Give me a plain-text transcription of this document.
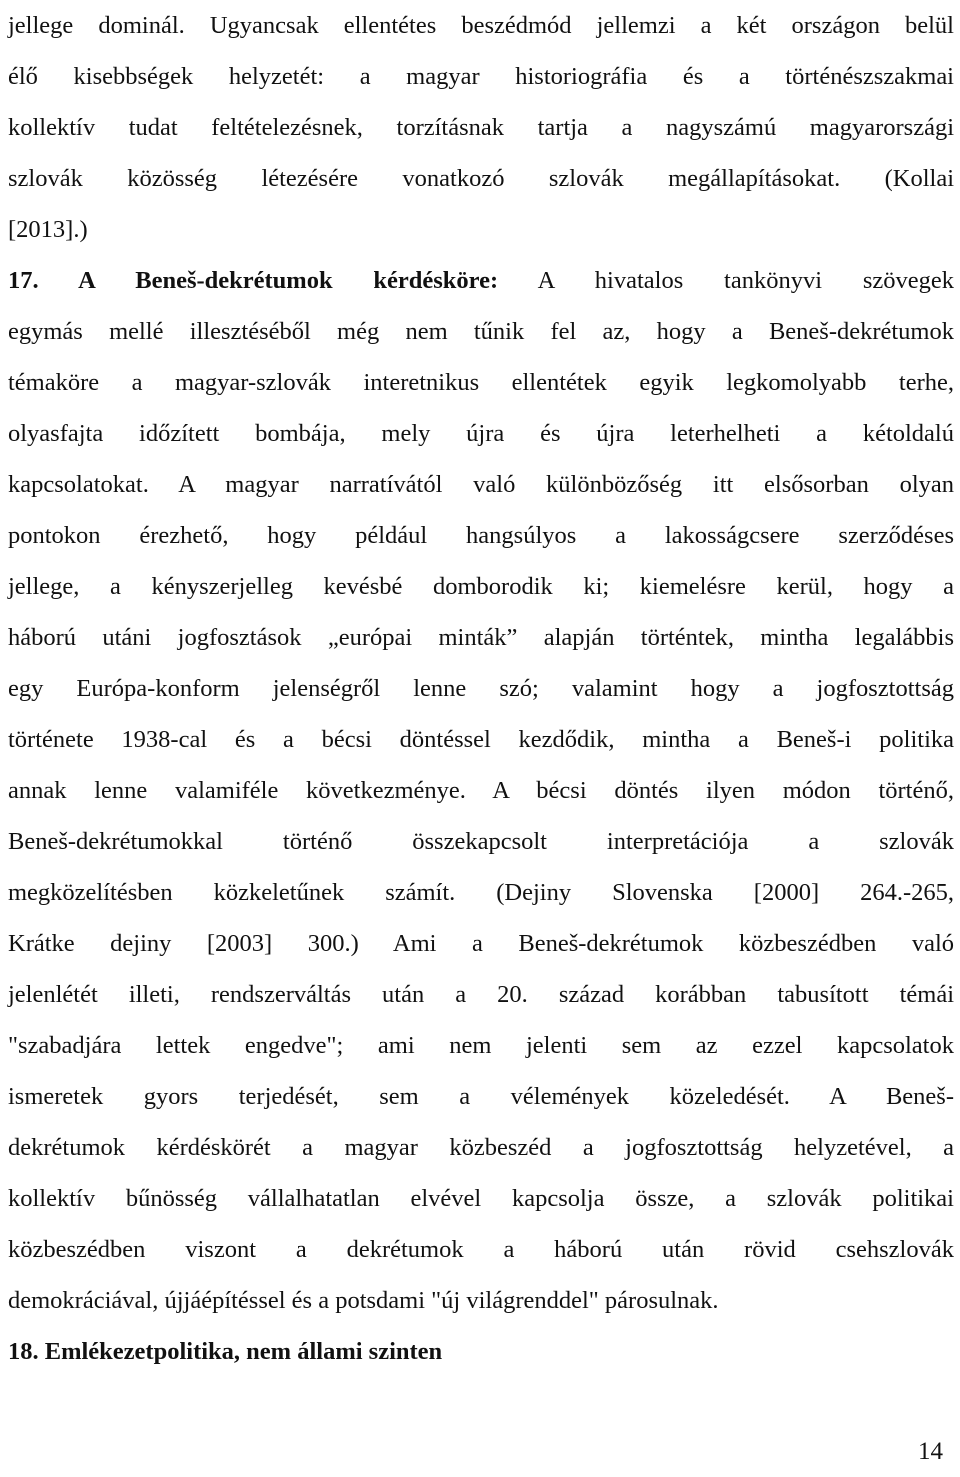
jellege dominál. Ugyancsak ellentétes beszédmód jellemzi a két országon belül
élő kisebbségek helyzetét: a magyar historiográfia és a történészszakmai
kollektív tudat feltételezésnek, torzításnak tartja a nagyszámú magyarországi
szlovák közösség létezésére vonatkozó szlovák megállapításokat. (Kollai
[2013].)
17. A Beneš-dekrétumok kérdésköre: A hivatalos tankönyvi szövegek
egymás mellé illesztéséből még nem tűnik fel az, hogy a Beneš-dekrétumok
témaköre a magyar-szlovák interetnikus ellentétek egyik legkomolyabb terhe,
olyasfajta időzített bombája, mely újra és újra leterhelheti a kétoldalú
kapcsolatokat. A magyar narratívától való különbözőség itt elsősorban olyan
pontokon érezhető, hogy például hangsúlyos a lakosságcsere szerződéses
jellege, a kényszerjelleg kevésbé domborodik ki; kiemelésre kerül, hogy a
háború utáni jogfosztások „európai minták” alapján történtek, mintha legalábbis
egy Európa-konform jelenségről lenne szó; valamint hogy a jogfosztottság
története 1938-cal és a bécsi döntéssel kezdődik, mintha a Beneš-i politika
annak lenne valamiféle következménye. A bécsi döntés ilyen módon történő,
Beneš-dekrétumokkal történő összekapcsolt interpretációja a szlovák
megközelítésben közkeletűnek számít. (Dejiny Slovenska [2000] 264.-265,
Krátke dejiny [2003] 300.) Ami a Beneš-dekrétumok közbeszédben való
jelenlétét illeti, rendszerváltás után a 20. század korábban tabusított témái
"szabadjára lettek engedve"; ami nem jelenti sem az ezzel kapcsolatok
ismeretek gyors terjedését, sem a vélemények közeledését. A Beneš-
dekrétumok kérdéskörét a magyar közbeszéd a jogfosztottság helyzetével, a
kollektív bűnösség vállalhatatlan elvével kapcsolja össze, a szlovák politikai
közbeszédben viszont a dekrétumok a háború után rövid csehszlovák
demokráciával, újjáépítéssel és a potsdami "új világrenddel" párosulnak.
18. Emlékezetpolitika, nem állami szinten
14
